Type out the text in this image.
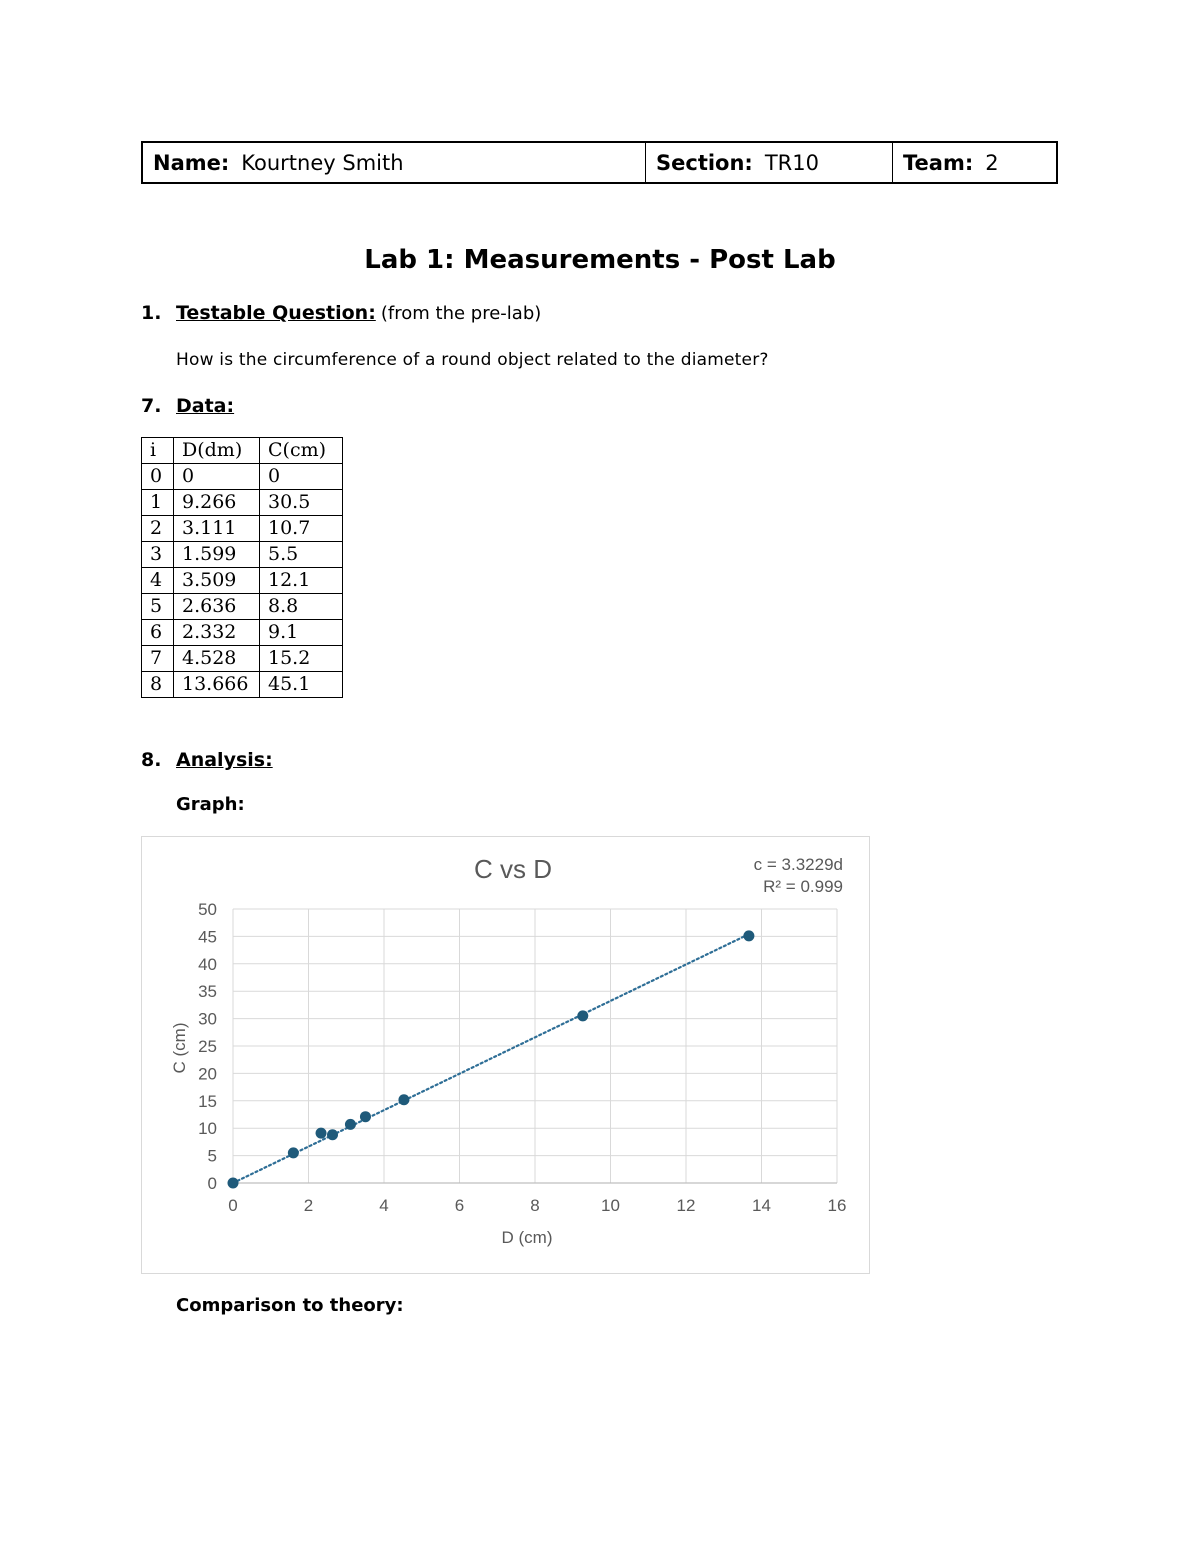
Name: Kourtney Smith	Section: TR10	Team: 2
Lab 1: Measurements - Post Lab
1. Testable Question: (from the pre-lab)
How is the circumference of a round object related to the diameter?
7. Data:
i	D(dm)	C(cm)
0	0	0
1	9.266	30.5
2	3.111	10.7
3	1.599	5.5
4	3.509	12.1
5	2.636	8.8
6	2.332	9.1
7	4.528	15.2
8	13.666	45.1
8. Analysis:
Graph:
0	2	4	6	8	10	12	14	16
0
5
10
15
20
25
30
35
40
45
50
C vs D	c = 3.3229d
R² = 0.999
D (cm)
C (cm)
Comparison to theory:
